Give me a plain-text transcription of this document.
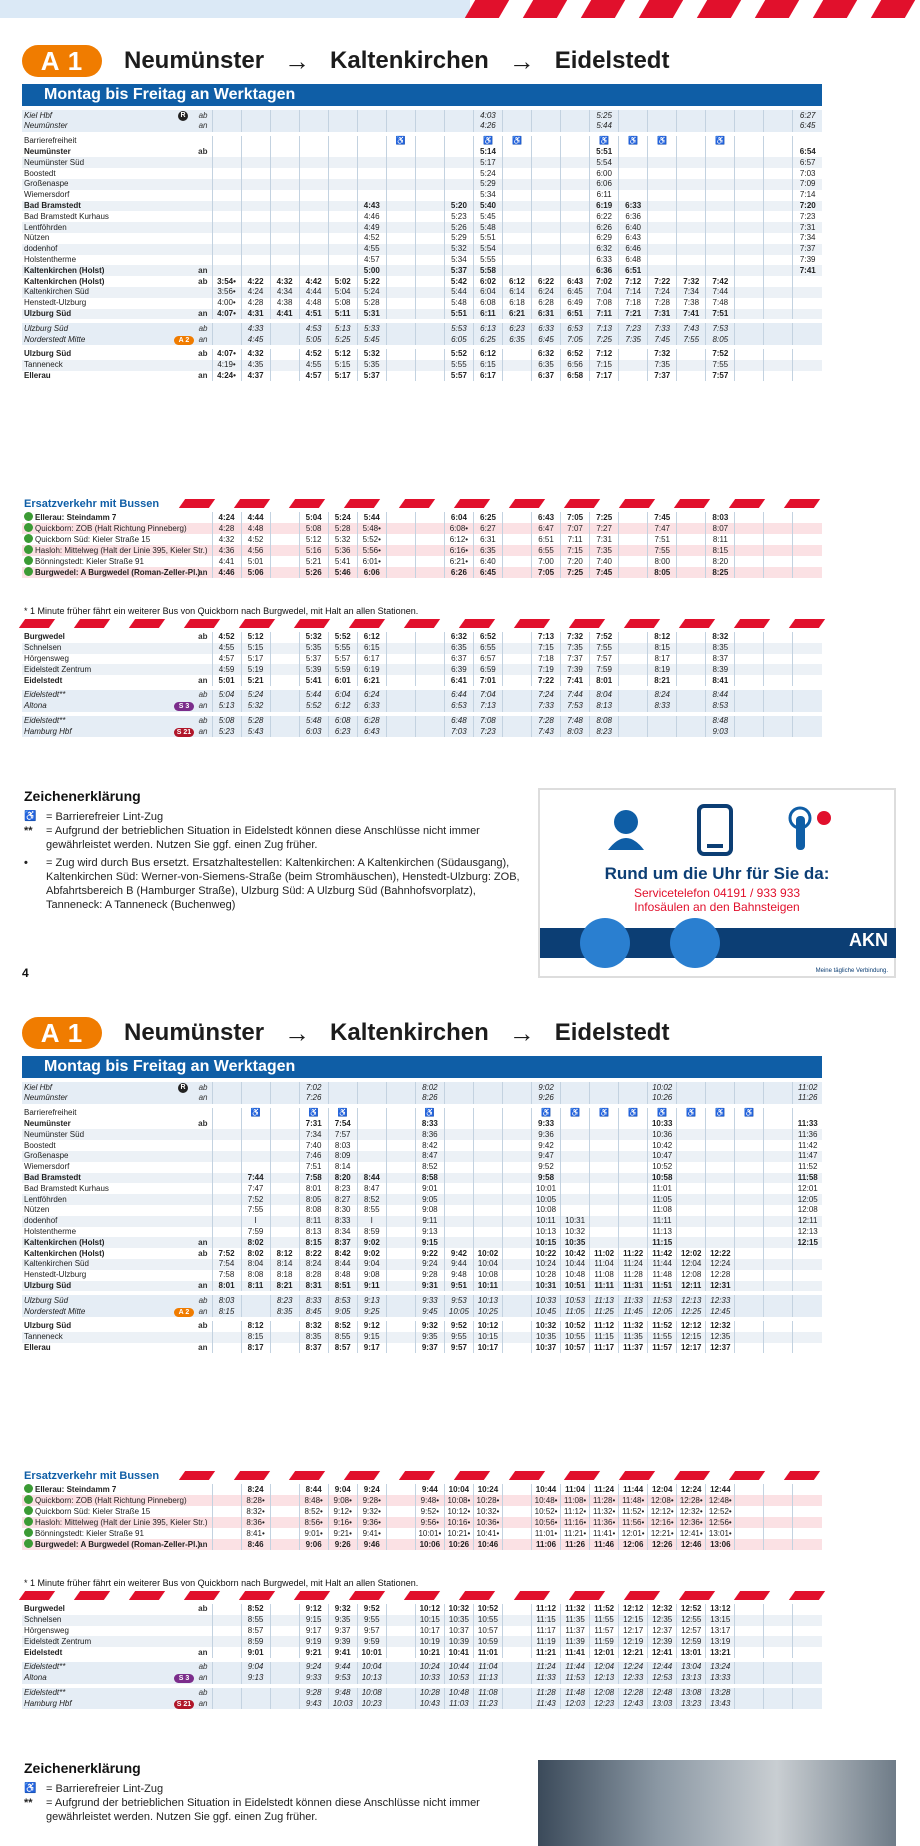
A 1	Neumünster → Kaltenkirchen → Eidelstedt
Montag bis Freitag an Werktagen
Kiel Hbf	R	ab										4:03				5:25							6:27
Neumünster		an										4:26				5:44							6:45

Barrierefreiheit									♿			♿	♿			♿	♿	♿		♿			
Neumünster		ab										5:14				5:51							6:54
Neumünster Süd												5:17				5:54							6:57
Boostedt												5:24				6:00							7:03
Großenaspe												5:29				6:06							7:09
Wiemersdorf												5:34				6:11							7:14
Bad Bramstedt								4:43			5:20	5:40				6:19	6:33						7:20
Bad Bramstedt Kurhaus								4:46			5:23	5:45				6:22	6:36						7:23
Lentföhrden								4:49			5:26	5:48				6:26	6:40						7:31
Nützen								4:52			5:29	5:51				6:29	6:43						7:34
dodenhof								4:55			5:32	5:54				6:32	6:46						7:37
Holstentherme								4:57			5:34	5:55				6:33	6:48						7:39
Kaltenkirchen (Holst)		an						5:00			5:37	5:58				6:36	6:51						7:41
Kaltenkirchen (Holst)		ab	3:54•	4:22	4:32	4:42	5:02	5:22			5:42	6:02	6:12	6:22	6:43	7:02	7:12	7:22	7:32	7:42			
Kaltenkirchen Süd			3:56•	4:24	4:34	4:44	5:04	5:24			5:44	6:04	6:14	6:24	6:45	7:04	7:14	7:24	7:34	7:44			
Henstedt-Ulzburg			4:00•	4:28	4:38	4:48	5:08	5:28			5:48	6:08	6:18	6:28	6:49	7:08	7:18	7:28	7:38	7:48			
Ulzburg Süd		an	4:07•	4:31	4:41	4:51	5:11	5:31			5:51	6:11	6:21	6:31	6:51	7:11	7:21	7:31	7:41	7:51			

Ulzburg Süd		ab		4:33		4:53	5:13	5:33			5:53	6:13	6:23	6:33	6:53	7:13	7:23	7:33	7:43	7:53			
Norderstedt Mitte	A 2	an		4:45		5:05	5:25	5:45			6:05	6:25	6:35	6:45	7:05	7:25	7:35	7:45	7:55	8:05			

Ulzburg Süd		ab	4:07•	4:32		4:52	5:12	5:32			5:52	6:12		6:32	6:52	7:12		7:32		7:52			
Tanneneck			4:19•	4:35		4:55	5:15	5:35			5:55	6:15		6:35	6:56	7:15		7:35		7:55			
Ellerau		an	4:24•	4:37		4:57	5:17	5:37			5:57	6:17		6:37	6:58	7:17		7:37		7:57			
Ersatzverkehr mit Bussen
Ellerau: Steindamm 7			4:24	4:44		5:04	5:24	5:44			6:04	6:25		6:43	7:05	7:25		7:45		8:03			
Quickborn: ZOB (Halt Richtung Pinneberg)			4:28	4:48		5:08	5:28	5:48•			6:08•	6:27		6:47	7:07	7:27		7:47		8:07			
Quickborn Süd: Kieler Straße 15			4:32	4:52		5:12	5:32	5:52•			6:12•	6:31		6:51	7:11	7:31		7:51		8:11			
Hasloh: Mittelweg (Halt der Linie 395, Kieler Str.)			4:36	4:56		5:16	5:36	5:56•			6:16•	6:35		6:55	7:15	7:35		7:55		8:15			
Bönningstedt: Kieler Straße 91			4:41	5:01		5:21	5:41	6:01•			6:21•	6:40		7:00	7:20	7:40		8:00		8:20			
Burgwedel: A Burgwedel (Roman-Zeller-Pl.)		an	4:46	5:06		5:26	5:46	6:06			6:26	6:45		7:05	7:25	7:45		8:05		8:25			
* 1 Minute früher fährt ein weiterer Bus von Quickborn nach Burgwedel, mit Halt an allen Stationen.
Burgwedel		ab	4:52	5:12		5:32	5:52	6:12			6:32	6:52		7:13	7:32	7:52		8:12		8:32			
Schnelsen			4:55	5:15		5:35	5:55	6:15			6:35	6:55		7:15	7:35	7:55		8:15		8:35			
Hörgensweg			4:57	5:17		5:37	5:57	6:17			6:37	6:57		7:18	7:37	7:57		8:17		8:37			
Eidelstedt Zentrum			4:59	5:19		5:39	5:59	6:19			6:39	6:59		7:19	7:39	7:59		8:19		8:39			
Eidelstedt		an	5:01	5:21		5:41	6:01	6:21			6:41	7:01		7:22	7:41	8:01		8:21		8:41			

Eidelstedt**		ab	5:04	5:24		5:44	6:04	6:24			6:44	7:04		7:24	7:44	8:04		8:24		8:44			
Altona	S 3	an	5:13	5:32		5:52	6:12	6:33			6:53	7:13		7:33	7:53	8:13		8:33		8:53			

Eidelstedt**		ab	5:08	5:28		5:48	6:08	6:28			6:48	7:08		7:28	7:48	8:08				8:48			
Hamburg Hbf	S 21	an	5:23	5:43		6:03	6:23	6:43			7:03	7:23		7:43	8:03	8:23				9:03			
Zeichenerklärung
♿ = Barrierefreier Lint-Zug
**	= Aufgrund der betrieblichen Situation in Eidelstedt können diese Anschlüsse nicht immer gewährleistet werden. Nutzen Sie ggf. einen Zug früher.
•	= Zug wird durch Bus ersetzt. Ersatzhaltestellen: Kaltenkirchen: A Kaltenkirchen (Südausgang), Kaltenkirchen Süd: Werner-von-Siemens-Straße (beim Stromhäuschen), Henstedt-Ulzburg: ZOB, Abfahrtsbereich B (Hamburger Straße), Ulzburg Süd: A Ulzburg Süd (Bahnhofsvorplatz), Tanneneck: A Tanneneck (Buchenweg)
Rund um die Uhr für Sie da:
Servicetelefon 04191 / 933 933
Infosäulen an den Bahnsteigen
AKN
Meine tägliche Verbindung.
4
A 1	Neumünster → Kaltenkirchen → Eidelstedt
Montag bis Freitag an Werktagen
Kiel Hbf	R	ab				7:02				8:02				9:02				10:02					11:02
Neumünster		an				7:26				8:26				9:26				10:26					11:26

Barrierefreiheit				♿		♿	♿			♿				♿	♿	♿	♿	♿	♿	♿	♿		
Neumünster		ab				7:31	7:54			8:33				9:33				10:33					11:33
Neumünster Süd						7:34	7:57			8:36				9:36				10:36					11:36
Boostedt						7:40	8:03			8:42				9:42				10:42					11:42
Großenaspe						7:46	8:09			8:47				9:47				10:47					11:47
Wiemersdorf						7:51	8:14			8:52				9:52				10:52					11:52
Bad Bramstedt				7:44		7:58	8:20	8:44		8:58				9:58				10:58					11:58
Bad Bramstedt Kurhaus				7:47		8:01	8:23	8:47		9:01				10:01				11:01					12:01
Lentföhrden				7:52		8:05	8:27	8:52		9:05				10:05				11:05					12:05
Nützen				7:55		8:08	8:30	8:55		9:08				10:08				11:08					12:08
dodenhof				I		8:11	8:33	I		9:11				10:11	10:31			11:11					12:11
Holstentherme				7:59		8:13	8:34	8:59		9:13				10:13	10:32			11:13					12:13
Kaltenkirchen (Holst)		an		8:02		8:15	8:37	9:02		9:15				10:15	10:35			11:15					12:15
Kaltenkirchen (Holst)		ab	7:52	8:02	8:12	8:22	8:42	9:02		9:22	9:42	10:02		10:22	10:42	11:02	11:22	11:42	12:02	12:22			
Kaltenkirchen Süd			7:54	8:04	8:14	8:24	8:44	9:04		9:24	9:44	10:04		10:24	10:44	11:04	11:24	11:44	12:04	12:24			
Henstedt-Ulzburg			7:58	8:08	8:18	8:28	8:48	9:08		9:28	9:48	10:08		10:28	10:48	11:08	11:28	11:48	12:08	12:28			
Ulzburg Süd		an	8:01	8:11	8:21	8:31	8:51	9:11		9:31	9:51	10:11		10:31	10:51	11:11	11:31	11:51	12:11	12:31			

Ulzburg Süd		ab	8:03		8:23	8:33	8:53	9:13		9:33	9:53	10:13		10:33	10:53	11:13	11:33	11:53	12:13	12:33			
Norderstedt Mitte	A 2	an	8:15		8:35	8:45	9:05	9:25		9:45	10:05	10:25		10:45	11:05	11:25	11:45	12:05	12:25	12:45			

Ulzburg Süd		ab		8:12		8:32	8:52	9:12		9:32	9:52	10:12		10:32	10:52	11:12	11:32	11:52	12:12	12:32			
Tanneneck				8:15		8:35	8:55	9:15		9:35	9:55	10:15		10:35	10:55	11:15	11:35	11:55	12:15	12:35			
Ellerau		an		8:17		8:37	8:57	9:17		9:37	9:57	10:17		10:37	10:57	11:17	11:37	11:57	12:17	12:37			
Ersatzverkehr mit Bussen
Ellerau: Steindamm 7				8:24		8:44	9:04	9:24		9:44	10:04	10:24		10:44	11:04	11:24	11:44	12:04	12:24	12:44			
Quickborn: ZOB (Halt Richtung Pinneberg)				8:28•		8:48•	9:08•	9:28•		9:48•	10:08•	10:28•		10:48•	11:08•	11:28•	11:48•	12:08•	12:28•	12:48•			
Quickborn Süd: Kieler Straße 15				8:32•		8:52•	9:12•	9:32•		9:52•	10:12•	10:32•		10:52•	11:12•	11:32•	11:52•	12:12•	12:32•	12:52•			
Hasloh: Mittelweg (Halt der Linie 395, Kieler Str.)				8:36•		8:56•	9:16•	9:36•		9:56•	10:16•	10:36•		10:56•	11:16•	11:36•	11:56•	12:16•	12:36•	12:56•			
Bönningstedt: Kieler Straße 91				8:41•		9:01•	9:21•	9:41•		10:01•	10:21•	10:41•		11:01•	11:21•	11:41•	12:01•	12:21•	12:41•	13:01•			
Burgwedel: A Burgwedel (Roman-Zeller-Pl.)		an		8:46		9:06	9:26	9:46		10:06	10:26	10:46		11:06	11:26	11:46	12:06	12:26	12:46	13:06			
* 1 Minute früher fährt ein weiterer Bus von Quickborn nach Burgwedel, mit Halt an allen Stationen.
Burgwedel		ab		8:52		9:12	9:32	9:52		10:12	10:32	10:52		11:12	11:32	11:52	12:12	12:32	12:52	13:12			
Schnelsen				8:55		9:15	9:35	9:55		10:15	10:35	10:55		11:15	11:35	11:55	12:15	12:35	12:55	13:15			
Hörgensweg				8:57		9:17	9:37	9:57		10:17	10:37	10:57		11:17	11:37	11:57	12:17	12:37	12:57	13:17			
Eidelstedt Zentrum				8:59		9:19	9:39	9:59		10:19	10:39	10:59		11:19	11:39	11:59	12:19	12:39	12:59	13:19			
Eidelstedt		an		9:01		9:21	9:41	10:01		10:21	10:41	11:01		11:21	11:41	12:01	12:21	12:41	13:01	13:21			

Eidelstedt**		ab		9:04		9:24	9:44	10:04		10:24	10:44	11:04		11:24	11:44	12:04	12:24	12:44	13:04	13:24			
Altona	S 3	an		9:13		9:33	9:53	10:13		10:33	10:53	11:13		11:33	11:53	12:13	12:33	12:53	13:13	13:33			

Eidelstedt**		ab				9:28	9:48	10:08		10:28	10:48	11:08		11:28	11:48	12:08	12:28	12:48	13:08	13:28			
Hamburg Hbf	S 21	an				9:43	10:03	10:23		10:43	11:03	11:23		11:43	12:03	12:23	12:43	13:03	13:23	13:43			
Zeichenerklärung
♿ = Barrierefreier Lint-Zug
**	= Aufgrund der betrieblichen Situation in Eidelstedt können diese Anschlüsse nicht immer gewährleistet werden. Nutzen Sie ggf. einen Zug früher.
